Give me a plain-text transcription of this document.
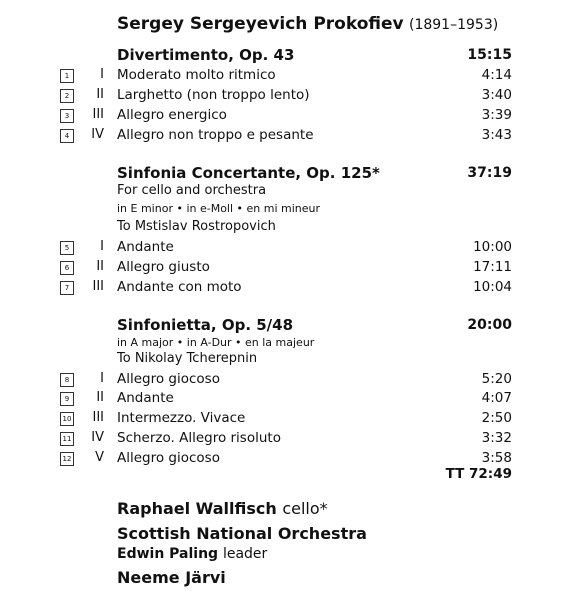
Sergey Sergeyevich Prokofiev (1891–1953)
Divertimento, Op. 43	15:15
1	I Moderato molto ritmico	4:14
2	II Larghetto (non troppo lento)	3:40
3	III Allegro energico	3:39
4	IV Allegro non troppo e pesante	3:43
Sinfonia Concertante, Op. 125*	37:19
For cello and orchestra
in E minor • in e-Moll • en mi mineur
To Mstislav Rostropovich
5	I Andante	10:00
6	II Allegro giusto	17:11
7	III Andante con moto	10:04
Sinfonietta, Op. 5/48	20:00
in A major • in A-Dur • en la majeur
To Nikolay Tcherepnin
8	I Allegro giocoso	5:20
9	II Andante	4:07
10	III Intermezzo. Vivace	2:50
11	IV Scherzo. Allegro risoluto	3:32
12	V Allegro giocoso	3:58
TT 72:49
Raphael Wallfisch cello*
Scottish National Orchestra
Edwin Paling leader
Neeme Järvi
